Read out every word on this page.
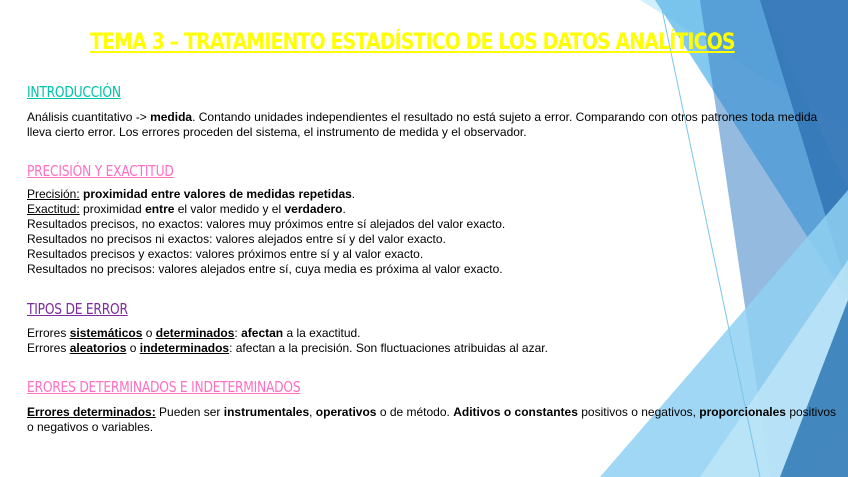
TEMA 3 – TRATAMIENTO ESTADÍSTICO DE LOS DATOS ANALÍTICOS
INTRODUCCIÓN
Análisis cuantitativo -> medida. Contando unidades independientes el resultado no está sujeto a error. Comparando con otros patrones toda medida lleva cierto error. Los errores proceden del sistema, el instrumento de medida y el observador.
PRECISIÓN Y EXACTITUD
Precisión: proximidad entre valores de medidas repetidas.
Exactitud: proximidad entre el valor medido y el verdadero.
Resultados precisos, no exactos: valores muy próximos entre sí alejados del valor exacto.
Resultados no precisos ni exactos: valores alejados entre sí y del valor exacto.
Resultados precisos y exactos: valores próximos entre sí y al valor exacto.
Resultados no precisos: valores alejados entre sí, cuya media es próxima al valor exacto.
TIPOS DE ERROR
Errores sistemáticos o determinados: afectan a la exactitud.
Errores aleatorios o indeterminados: afectan a la precisión. Son fluctuaciones atribuidas al azar.
ERORES DETERMINADOS E INDETERMINADOS
Errores determinados: Pueden ser instrumentales, operativos o de método. Aditivos o constantes positivos o negativos, proporcionales positivos o negativos o variables.
